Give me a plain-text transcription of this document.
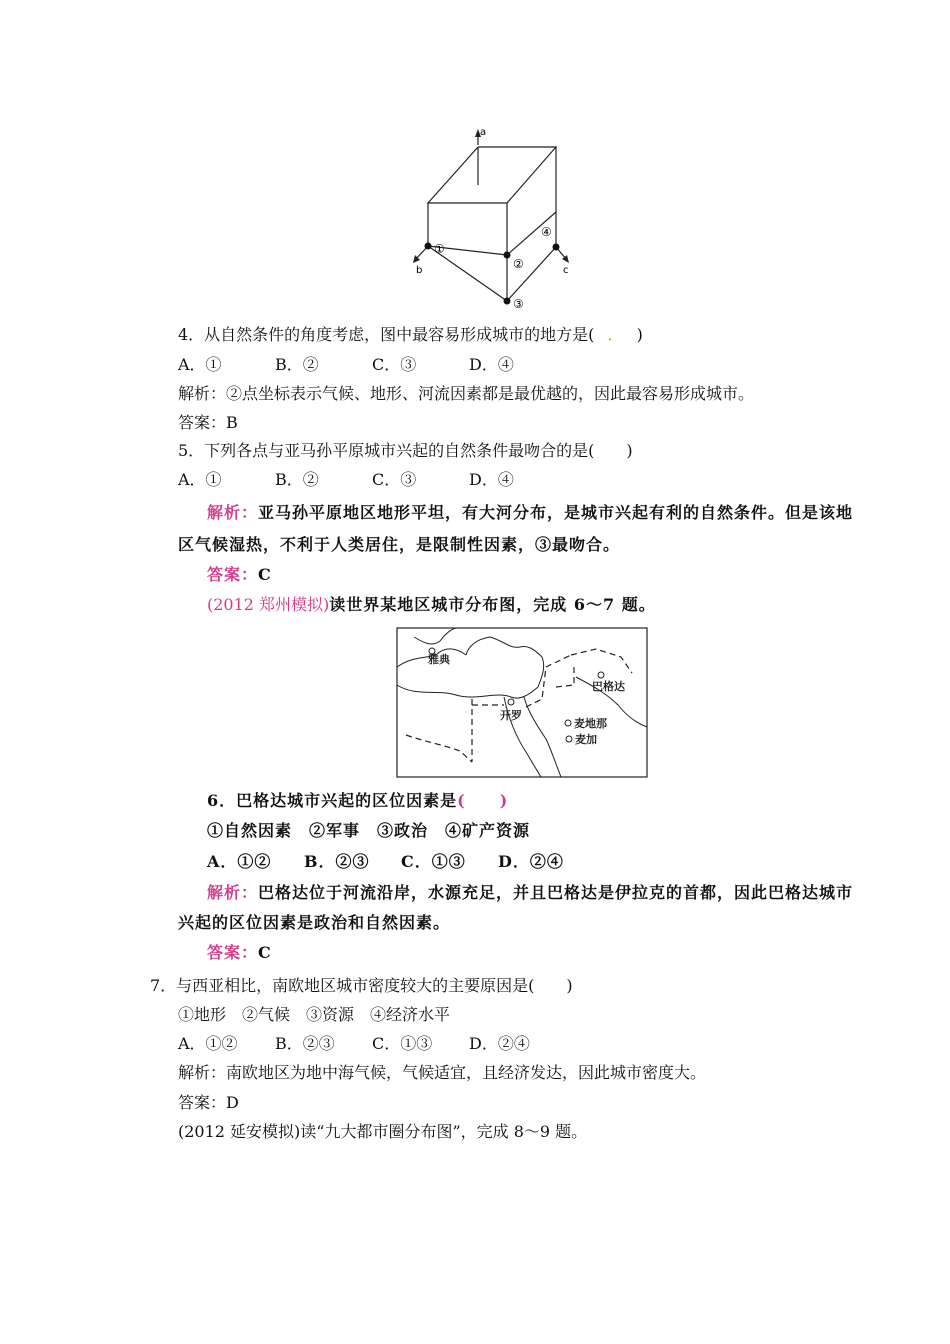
a
b	c
①
②
③
④
4．从自然条件的角度考虑，图中最容易形成城市的地方是( ． )
A．①	B．②	C．③	D．④
解析：②点坐标表示气候、地形、河流因素都是最优越的，因此最容易形成城市。
答案：B
5．下列各点与亚马孙平原城市兴起的自然条件最吻合的是(　　)
A．①	B．②	C．③	D．④
解析：亚马孙平原地区地形平坦，有大河分布，是城市兴起有利的自然条件。但是该地
区气候湿热，不利于人类居住，是限制性因素，③最吻合。
答案：C
(2012 郑州模拟)读世界某地区城市分布图，完成 6～7 题。
雅典
巴格达
开罗
麦地那
麦加
6．巴格达城市兴起的区位因素是(　　)
①自然因素　②军事　③政治　④矿产资源
A．①② B．②③ C．①③ D．②④
解析：巴格达位于河流沿岸，水源充足，并且巴格达是伊拉克的首都，因此巴格达城市
兴起的区位因素是政治和自然因素。
答案：C
7．与西亚相比，南欧地区城市密度较大的主要原因是(　　)
①地形　②气候　③资源　④经济水平
A．①② B．②③ C．①③ D．②④
解析：南欧地区为地中海气候，气候适宜，且经济发达，因此城市密度大。
答案：D
(2012 延安模拟)读“九大都市圈分布图”，完成 8～9 题。
